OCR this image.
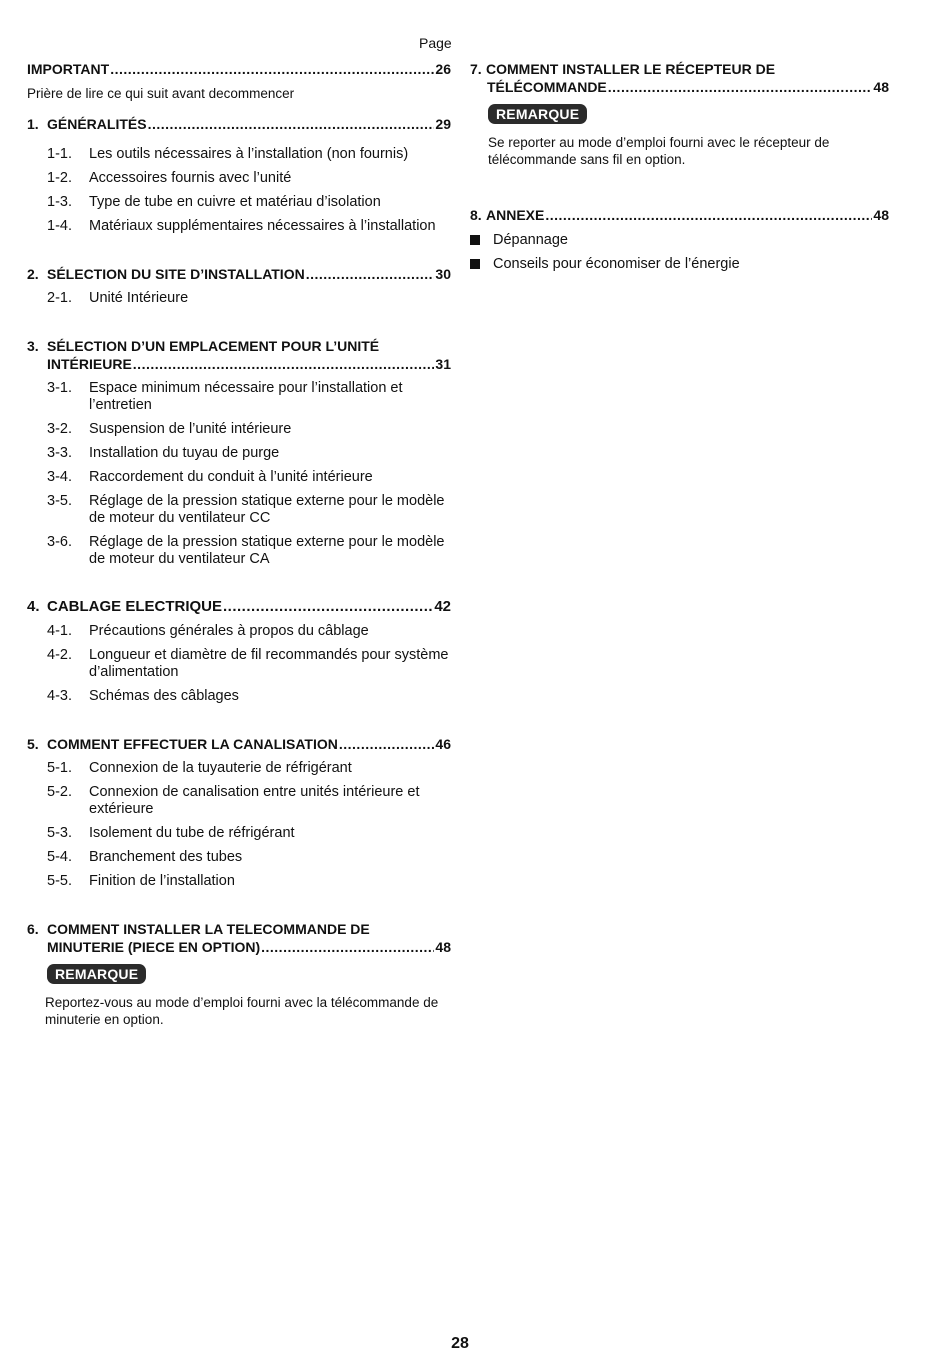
Page
IMPORTANT .....	26
Prière de lire ce qui suit avant decommencer
1. GÉNÉRALITÉS .....	29
1-1.	Les outils nécessaires à l’installation (non fournis)
1-2.	Accessoires fournis avec l’unité
1-3.	Type de tube en cuivre et matériau d’isolation
1-4.	Matériaux supplémentaires nécessaires à l’installation
2. SÉLECTION DU SITE D’INSTALLATION .....	30
2-1.	Unité Intérieure
3. SÉLECTION D’UN EMPLACEMENT POUR L’UNITÉ
INTÉRIEURE .....	31
3-1.	Espace minimum nécessaire pour l’installation et l’entretien
3-2.	Suspension de l’unité intérieure
3-3.	Installation du tuyau de purge
3-4.	Raccordement du conduit à l’unité intérieure
3-5.	Réglage de la pression statique externe pour le modèle de moteur du ventilateur CC
3-6.	Réglage de la pression statique externe pour le modèle de moteur du ventilateur CA
4. CABLAGE ELECTRIQUE .....	42
4-1.	Précautions générales à propos du câblage
4-2.	Longueur et diamètre de fil recommandés pour système d’alimentation
4-3.	Schémas des câblages
5. COMMENT EFFECTUER LA CANALISATION .....	46
5-1.	Connexion de la tuyauterie de réfrigérant
5-2.	Connexion de canalisation entre unités intérieure et extérieure
5-3.	Isolement du tube de réfrigérant
5-4.	Branchement des tubes
5-5.	Finition de l’installation
6. COMMENT INSTALLER LA TELECOMMANDE DE
MINUTERIE (PIECE EN OPTION) .....	48
REMARQUE
Reportez-vous au mode d’emploi fourni avec la télécommande de minuterie en option.
7. COMMENT INSTALLER LE RÉCEPTEUR DE
TÉLÉCOMMANDE .....	48
REMARQUE
Se reporter au mode d’emploi fourni avec le récepteur de télécommande sans fil en option.
8. ANNEXE .....	48
Dépannage
Conseils pour économiser de l’énergie
28
